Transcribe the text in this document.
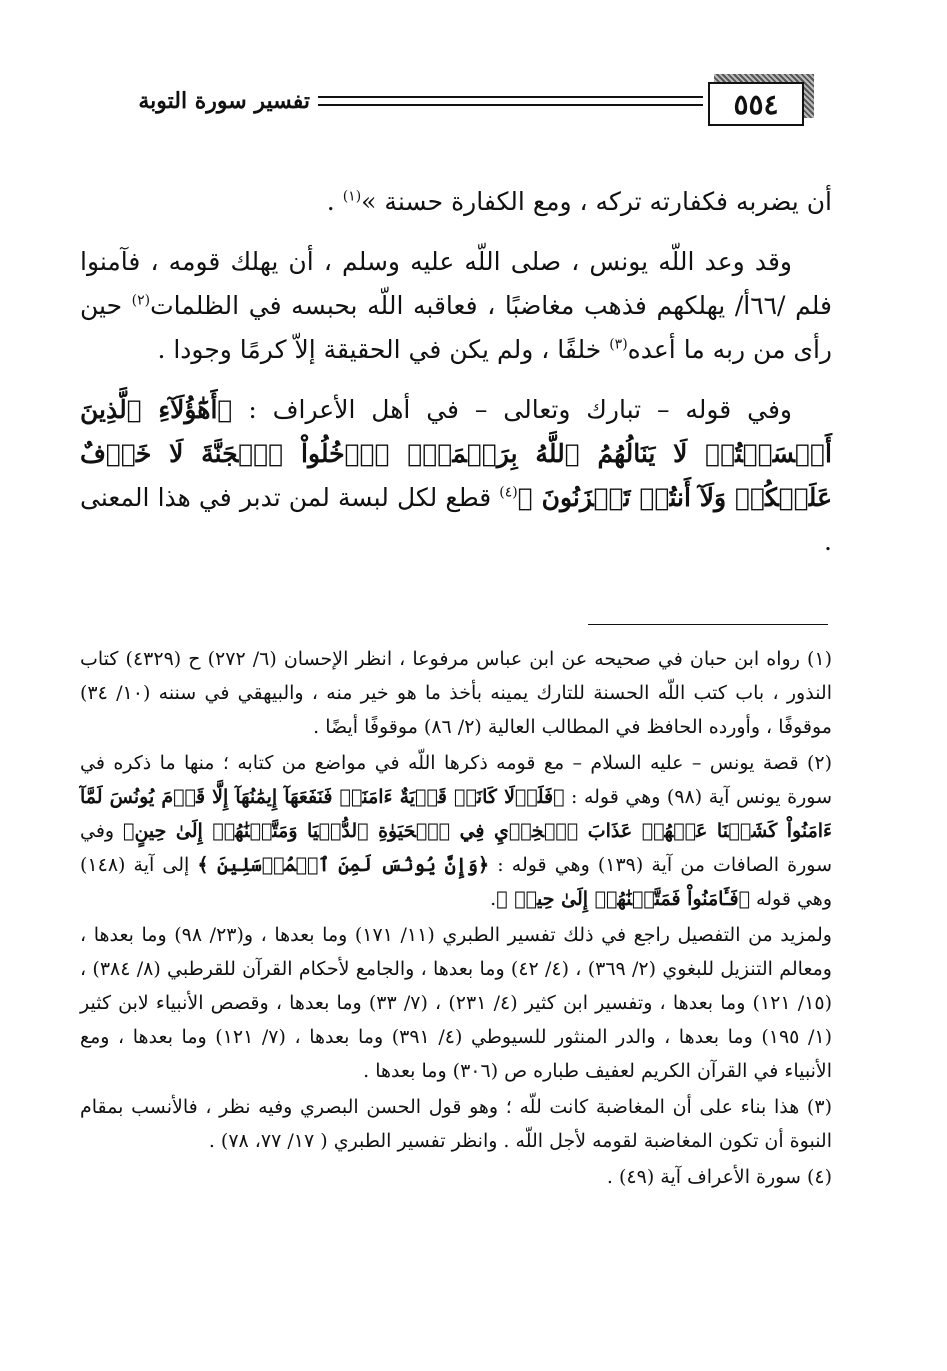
٥٥٤
تفسير سورة التوبة

أن يضربه فكفارته تركه ، ومع الكفارة حسنة »$^{(١)}$ .

وقد وعد اللّه يونس ، صلى اللّه عليه وسلم ، أن يهلك قومه ، فآمنوا فلم /٦٦أ/ يهلكهم فذهب مغاضبًا ، فعاقبه اللّه بحبسه في الظلمات$^{(٢)}$ حين رأى من ربه ما أعده$^{(٣)}$ خلفًا ، ولم يكن في الحقيقة إلاّ كرمًا وجودا .

وفي قوله – تبارك وتعالى – في أهل الأعراف : ﴿أَهَٰٓؤُلَآءِ ٱلَّذِينَ أَقۡسَمۡتُمۡ لَا يَنَالُهُمُ ٱللَّهُ بِرَحۡمَةٍۚ ٱدۡخُلُواْ ٱلۡجَنَّةَ لَا خَوۡفٌ عَلَيۡكُمۡ وَلَآ أَنتُمۡ تَحۡزَنُونَ ﴾$^{(٤)}$ قطع لكل لبسة لمن تدبر في هذا المعنى .

(١) رواه ابن حبان في صحيحه عن ابن عباس مرفوعا ، انظر الإحسان (٦/ ٢٧٢) ح (٤٣٢٩) كتاب النذور ، باب كتب اللّه الحسنة للتارك يمينه بأخذ ما هو خير منه ، والبيهقي في سننه (١٠/ ٣٤) موقوفًا ، وأورده الحافظ في المطالب العالية (٢/ ٨٦) موقوفًا أيضًا .

(٢) قصة يونس – عليه السلام – مع قومه ذكرها اللّه في مواضع من كتابه ؛ منها ما ذكره في سورة يونس آية (٩٨) وهي قوله : ﴿فَلَوۡلَا كَانَتۡ قَرۡيَةٌ ءَامَنَتۡ فَنَفَعَهَآ إِيمَٰنُهَآ إِلَّا قَوۡمَ يُونُسَ لَمَّآ ءَامَنُواْ كَشَفۡنَا عَنۡهُمۡ عَذَابَ ٱلۡخِزۡيِ فِي ٱلۡحَيَوٰةِ ٱلدُّنۡيَا وَمَتَّعۡنَٰهُمۡ إِلَىٰ حِينٍ﴾ وفي سورة الصافات من آية (١٣٩) وهي قوله : ﴿وَإِنَّ يُونُسَ لَمِنَ ٱلۡمُرۡسَلِينَ ﴾ إلى آية (١٤٨) وهي قوله ﴿فَـَٔامَنُواْ فَمَتَّعۡنَٰهُمۡ إِلَىٰ حِينٖ ﴾.

ولمزيد من التفصيل راجع في ذلك تفسير الطبري (١١/ ١٧١) وما بعدها ، و(٢٣/ ٩٨) وما بعدها ، ومعالم التنزيل للبغوي (٢/ ٣٦٩) ، (٤/ ٤٢) وما بعدها ، والجامع لأحكام القرآن للقرطبي (٨/ ٣٨٤) ، (١٥/ ١٢١) وما بعدها ، وتفسير ابن كثير (٤/ ٢٣١) ، (٧/ ٣٣) وما بعدها ، وقصص الأنبياء لابن كثير (١/ ١٩٥) وما بعدها ، والدر المنثور للسيوطي (٤/ ٣٩١) وما بعدها ، (٧/ ١٢١) وما بعدها ، ومع الأنبياء في القرآن الكريم لعفيف طباره ص (٣٠٦) وما بعدها .

(٣) هذا بناء على أن المغاضبة كانت للّه ؛ وهو قول الحسن البصري وفيه نظر ، فالأنسب بمقام النبوة أن تكون المغاضبة لقومه لأجل اللّه . وانظر تفسير الطبري ( ١٧/ ٧٧، ٧٨) .

(٤) سورة الأعراف آية (٤٩) .
